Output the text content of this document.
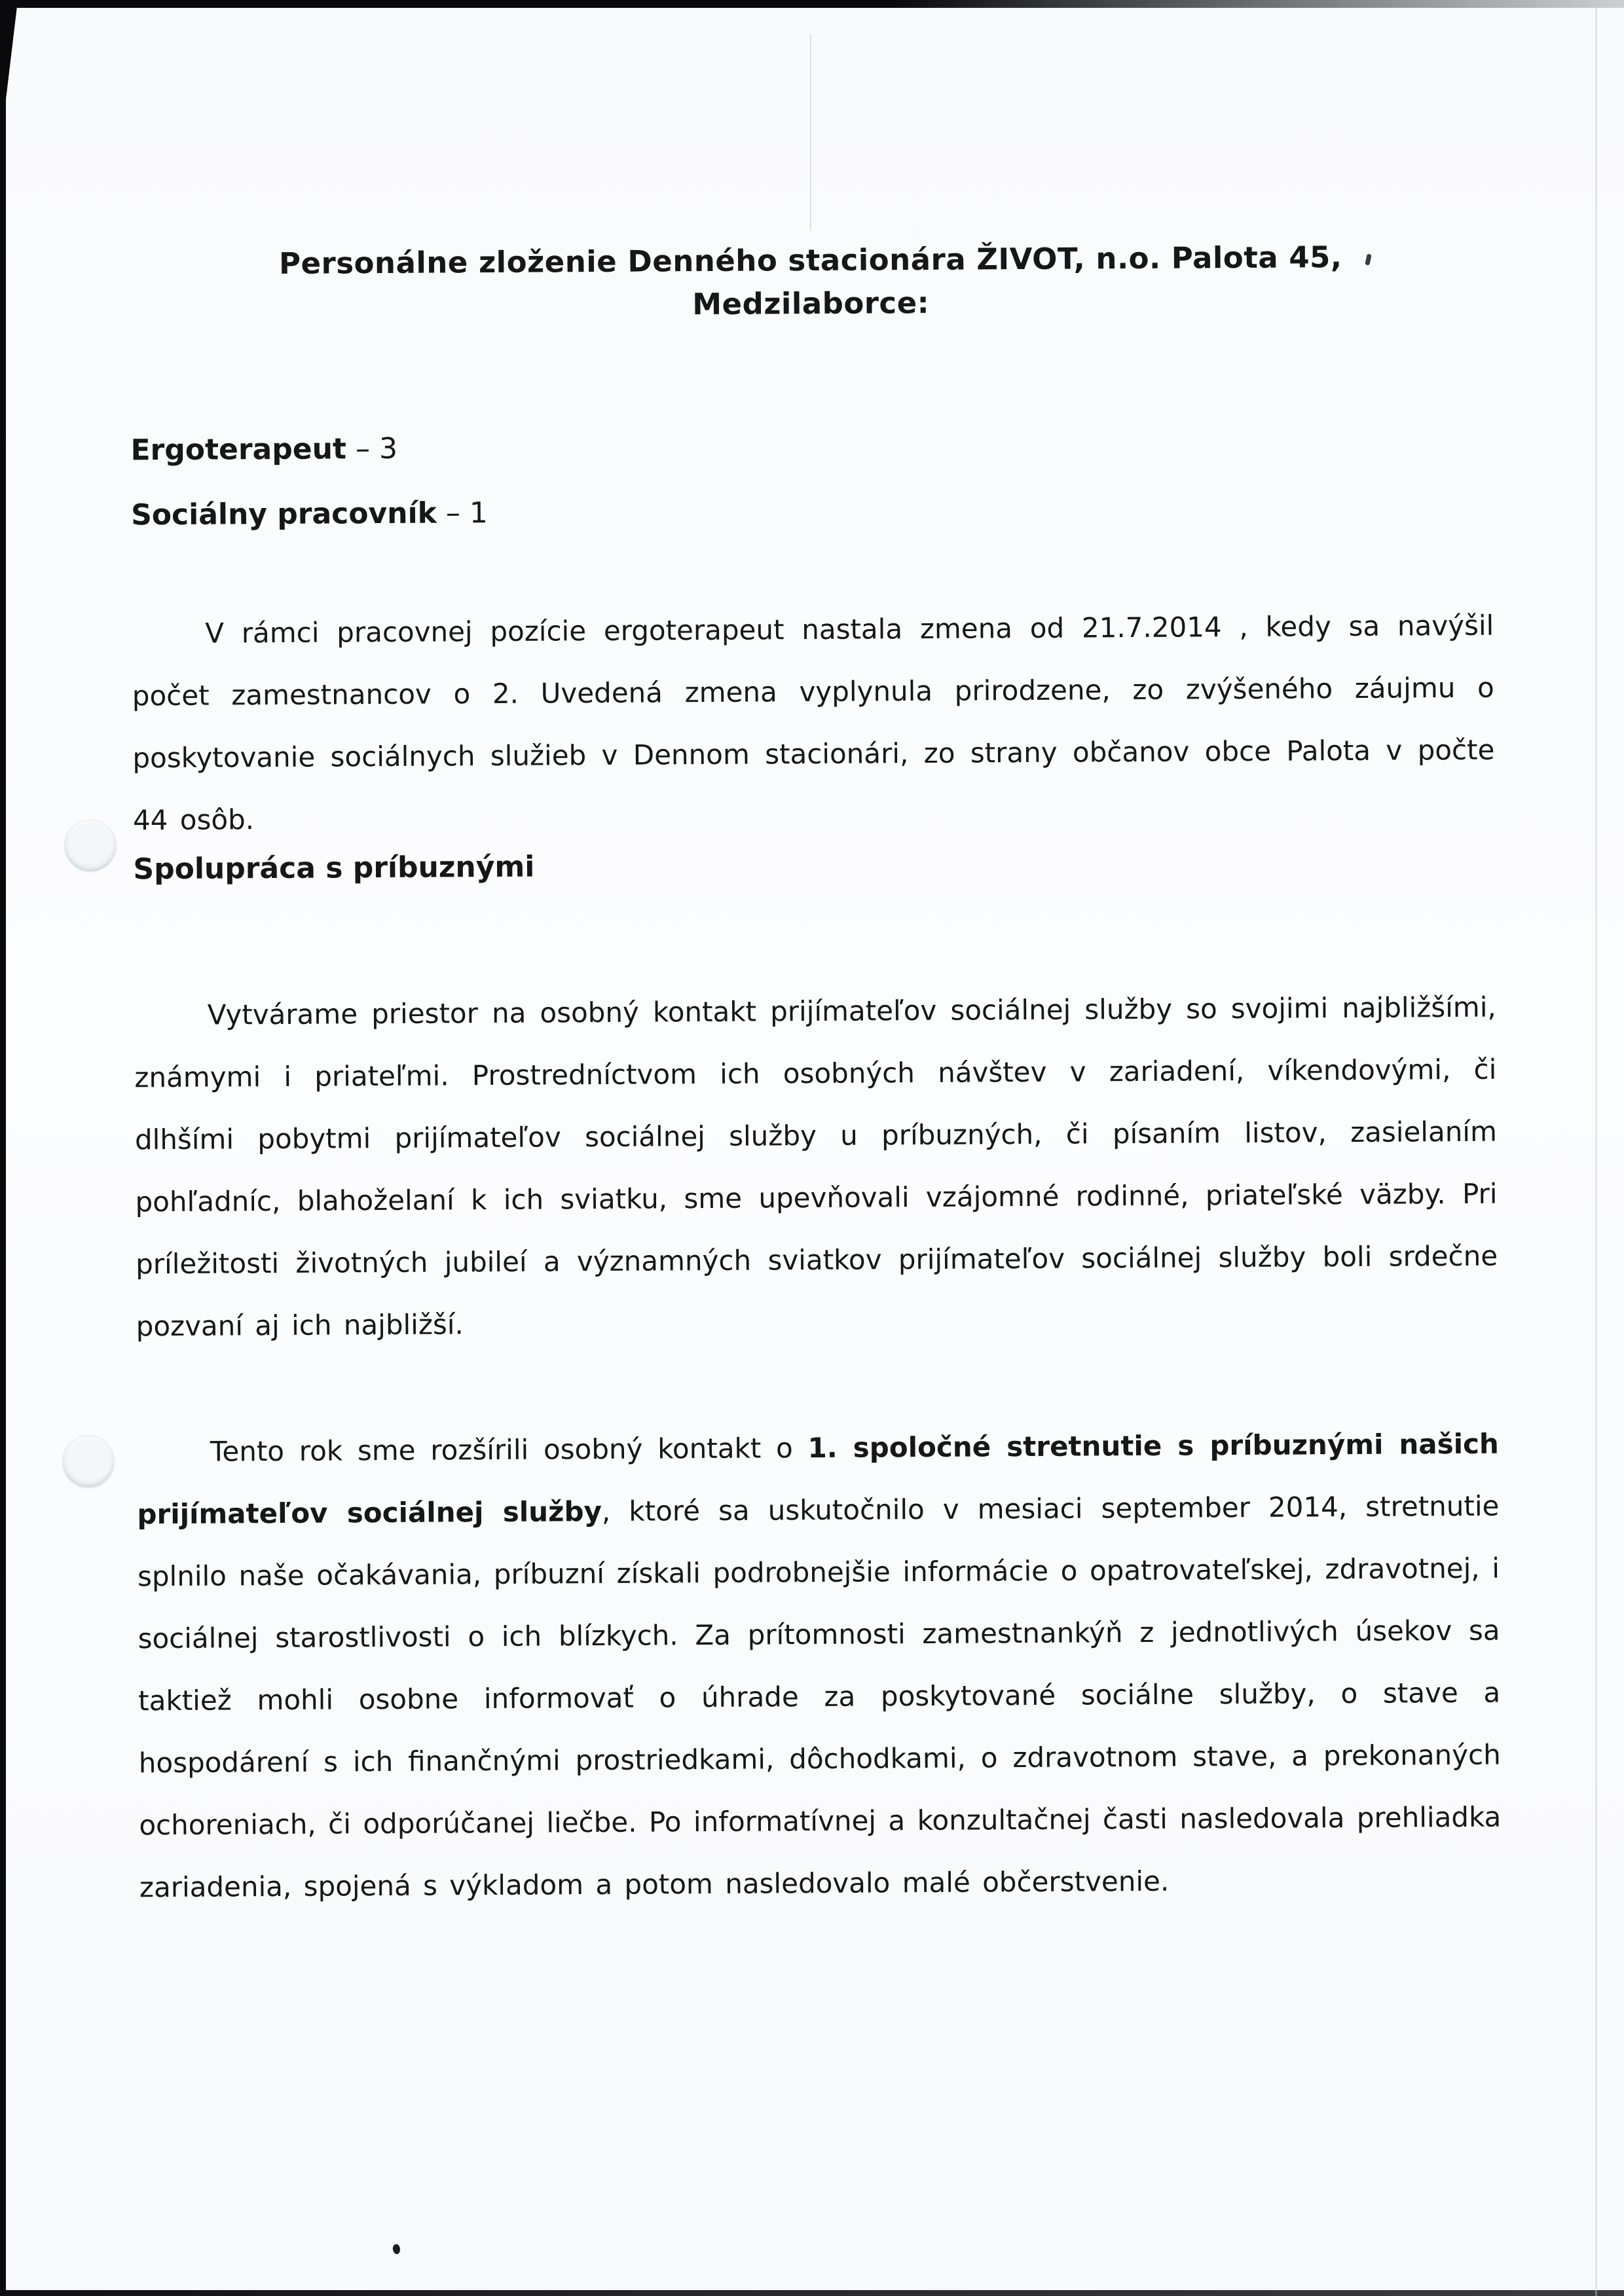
Personálne zloženie Denného stacionára ŽIVOT, n.o. Palota 45,
Medzilaborce:
Ergoterapeut – 3
Sociálny pracovník – 1

V rámci pracovnej pozície ergoterapeut nastala zmena od 21.7.2014 , kedy sa navýšil počet zamestnancov o 2. Uvedená zmena vyplynula prirodzene, zo zvýšeného záujmu o poskytovanie sociálnych služieb v Dennom stacionári, zo strany občanov obce Palota v počte 44 osôb.

Spolupráca s príbuznými

Vytvárame priestor na osobný kontakt prijímateľov sociálnej služby so svojimi najbližšími, známymi i priateľmi. Prostredníctvom ich osobných návštev v zariadení, víkendovými, či dlhšími pobytmi prijímateľov sociálnej služby u príbuzných, či písaním listov, zasielaním pohľadníc, blahoželaní k ich sviatku, sme upevňovali vzájomné rodinné, priateľské väzby. Pri príležitosti životných jubileí a významných sviatkov prijímateľov sociálnej služby boli srdečne pozvaní aj ich najbližší.

Tento rok sme rozšírili osobný kontakt o 1. spoločné stretnutie s príbuznými našich prijímateľov sociálnej služby, ktoré sa uskutočnilo v mesiaci september 2014, stretnutie splnilo naše očakávania, príbuzní získali podrobnejšie informácie o opatrovateľskej, zdravotnej, i sociálnej starostlivosti o ich blízkych. Za prítomnosti zamestnankýň z jednotlivých úsekov sa taktiež mohli osobne informovať o úhrade za poskytované sociálne služby, o stave a hospodárení s ich finančnými prostriedkami, dôchodkami, o zdravotnom stave, a prekonaných ochoreniach, či odporúčanej liečbe. Po informatívnej a konzultačnej časti nasledovala prehliadka zariadenia, spojená s výkladom a potom nasledovalo malé občerstvenie.
